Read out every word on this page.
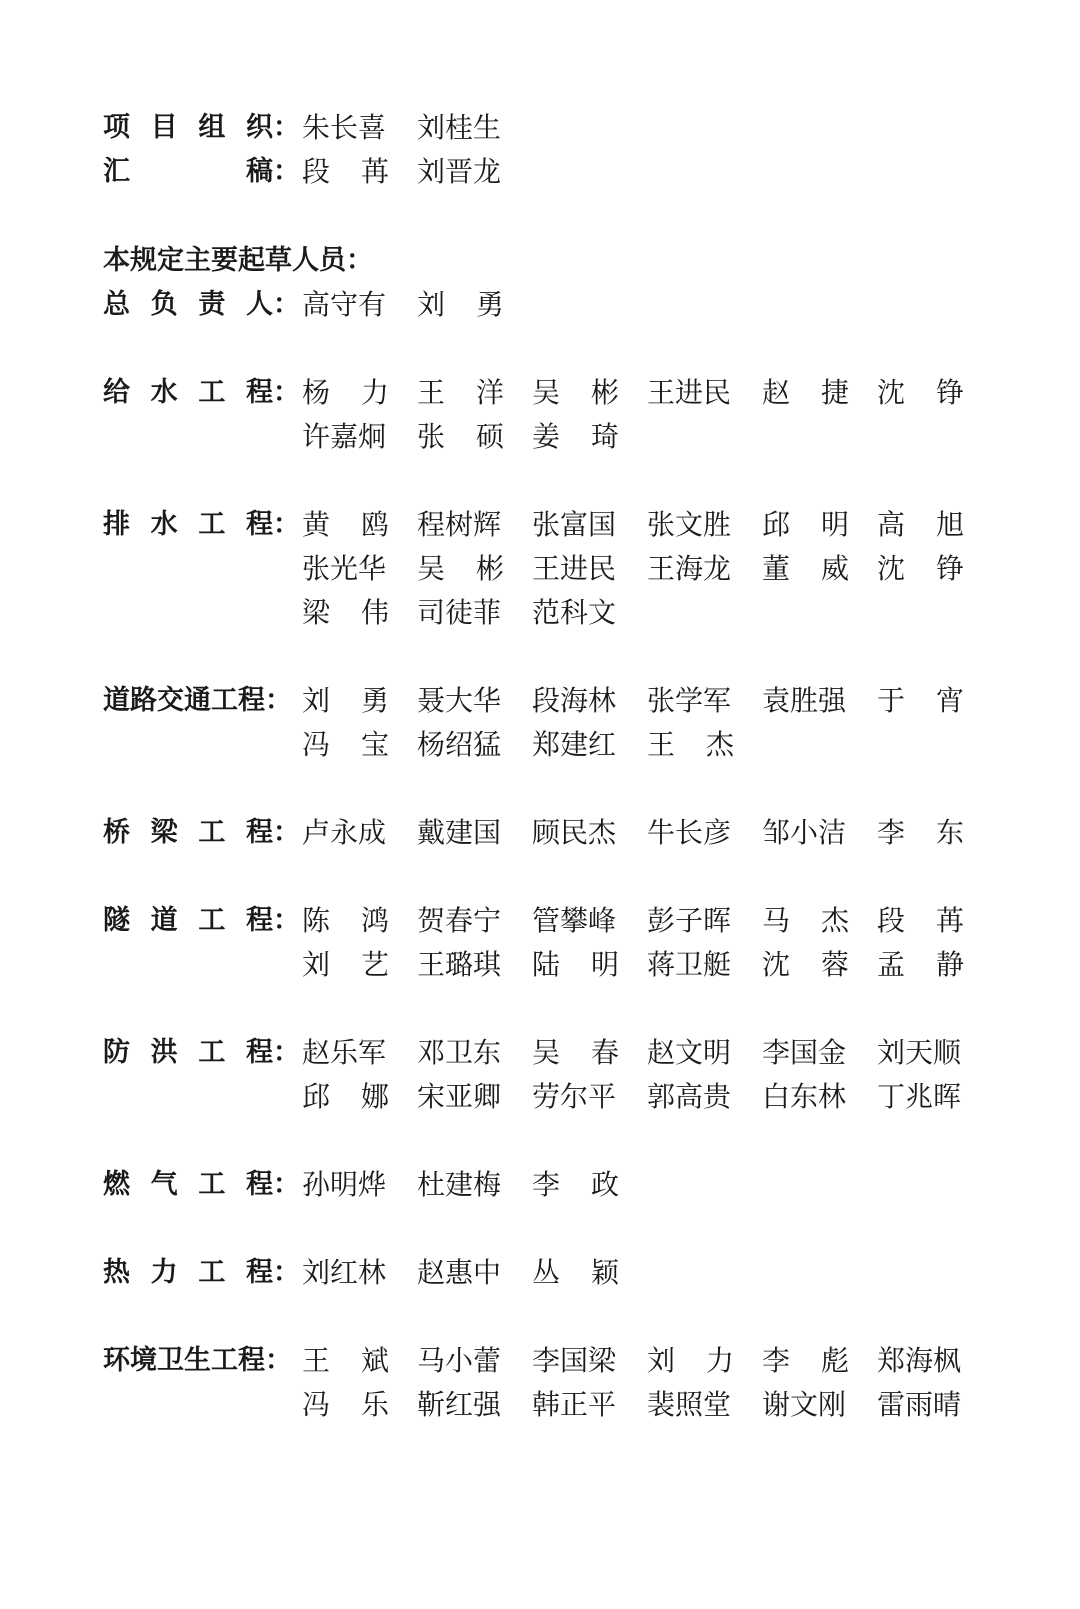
项 目 组 织： 朱长喜 刘桂生
汇	稿： 段 苒 刘晋龙
本规定主要起草人员：
总 负 责 人： 高守有 刘 勇
给 水 工 程： 杨 力 王 洋 吴 彬 王进民 赵 捷 沈 铮
许嘉炯 张 硕 姜 琦
排 水 工 程： 黄 鸥 程树辉 张富国 张文胜 邱 明 高 旭
张光华 吴 彬 王进民 王海龙 董 威 沈 铮
梁 伟 司徒菲 范科文
道路交通工程： 刘 勇 聂大华 段海林 张学军 袁胜强 于 宵
冯 宝 杨绍猛 郑建红 王 杰
桥 梁 工 程： 卢永成 戴建国 顾民杰 牛长彦 邹小洁 李 东
隧 道 工 程： 陈 鸿 贺春宁 管攀峰 彭子晖 马 杰 段 苒
刘 艺 王璐琪 陆 明 蒋卫艇 沈 蓉 孟 静
防 洪 工 程： 赵乐军 邓卫东 吴 春 赵文明 李国金 刘天顺
邱 娜 宋亚卿 劳尔平 郭高贵 白东林 丁兆晖
燃 气 工 程： 孙明烨 杜建梅 李 政
热 力 工 程： 刘红林 赵惠中 丛 颖
环境卫生工程： 王 斌 马小蕾 李国梁 刘 力 李 彪 郑海枫
冯 乐 靳红强 韩正平 裴照堂 谢文刚 雷雨晴
